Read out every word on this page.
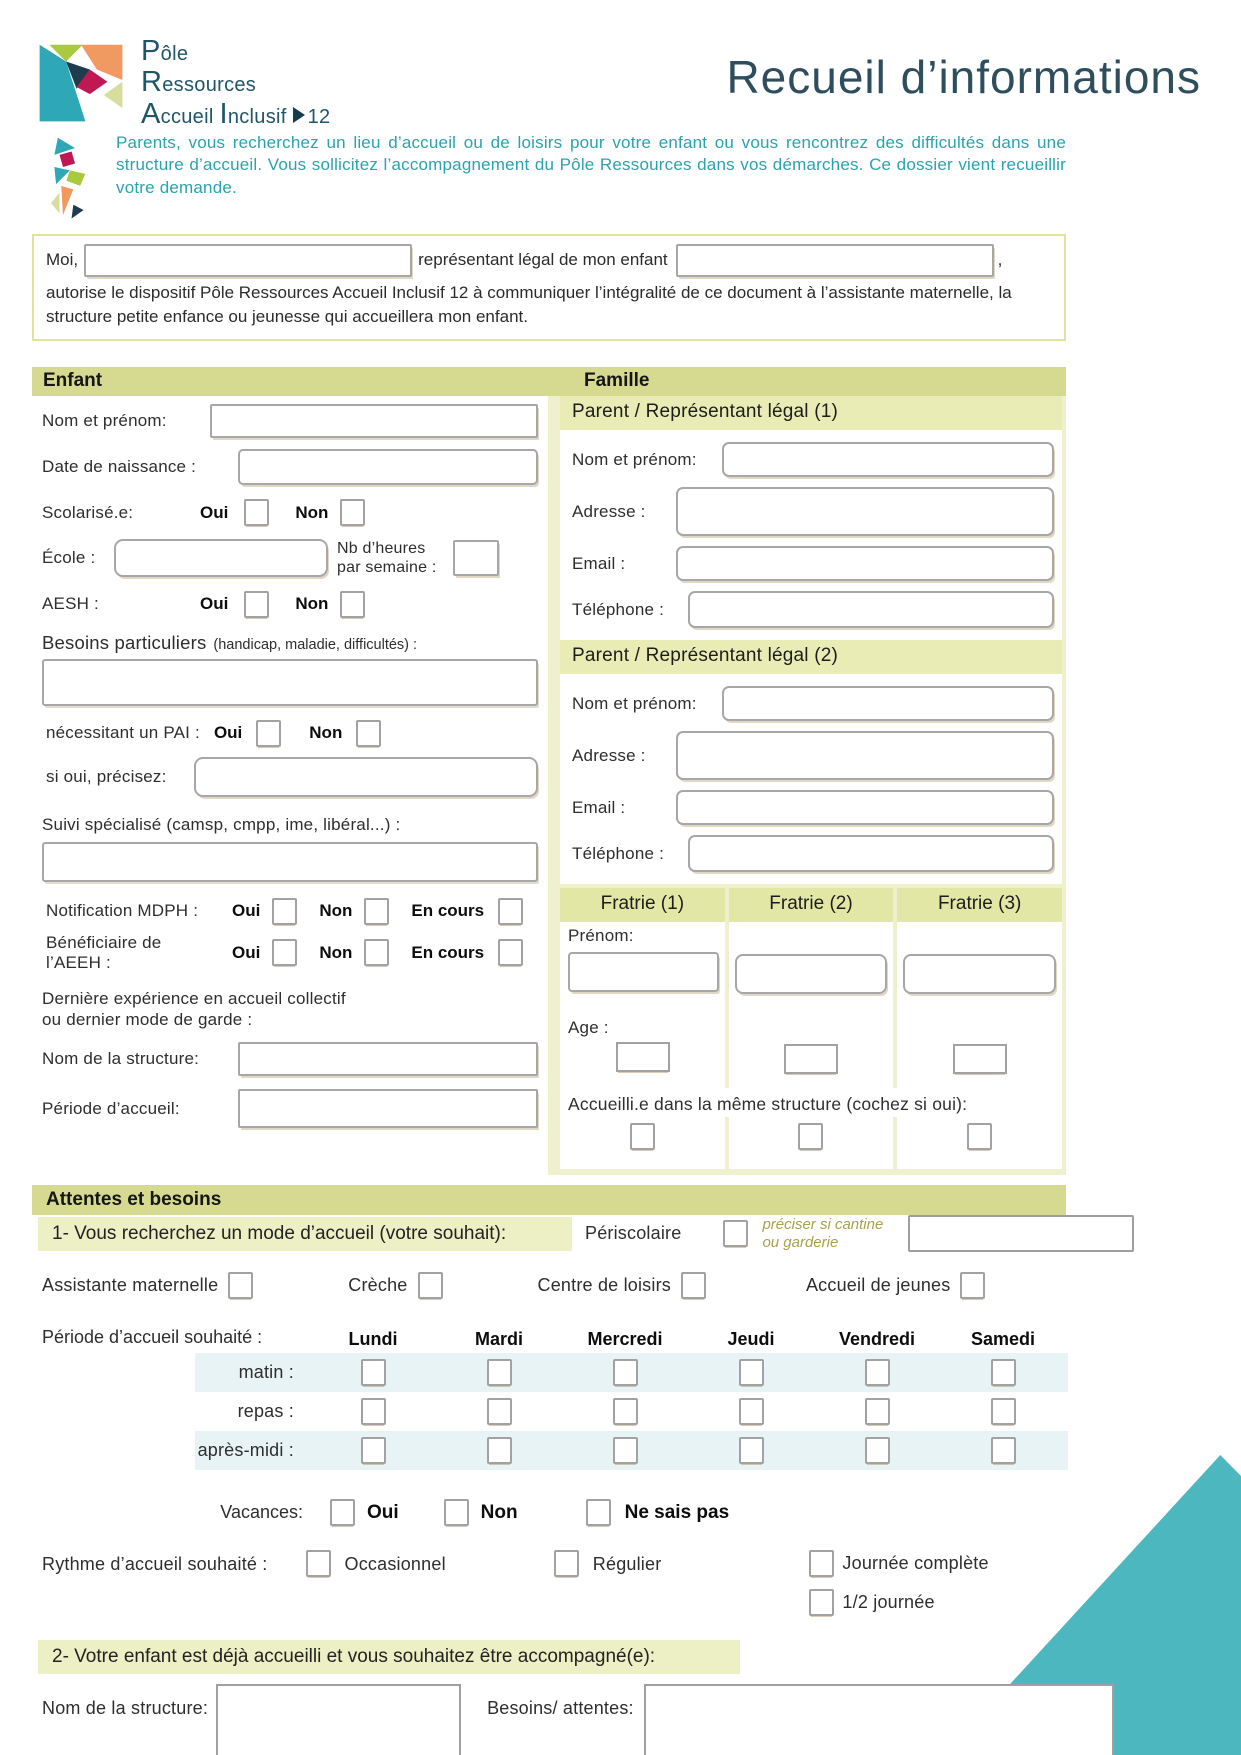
Pôle
Ressources
Accueil Inclusif 12
Recueil d’informations

Parents, vous recherchez un lieu d’accueil ou de loisirs pour votre enfant ou vous rencontrez des difficultés dans une structure d’accueil. Vous sollicitez l’accompagnement du Pôle Ressources dans vos démarches. Ce dossier vient recueillir votre demande.

Moi,	représentant légal de mon enfant	,

autorise le dispositif Pôle Ressources Accueil Inclusif 12 à communiquer l’intégralité de ce document à l’assistante maternelle, la structure petite enfance ou jeunesse qui accueillera mon enfant.

Enfant	Famille
Nom et prénom:
Date de naissance :
Scolarisé.e:	Oui	Non
École :	Nb d’heures
par semaine :
AESH :	Oui	Non
Besoins particuliers (handicap, maladie, difficultés) :
nécessitant un PAI : Oui	Non
si oui, précisez:
Suivi spécialisé (camsp, cmpp, ime, libéral...) :
Notification MDPH :	Oui	Non	En cours
Bénéficiaire de
l’AEEH :
Oui	Non	En cours
Dernière expérience en accueil collectif
ou dernier mode de garde :
Nom de la structure:
Période d’accueil:
Parent / Représentant légal (1)
Nom et prénom:
Adresse :
Email :
Téléphone :
Parent / Représentant légal (2)
Nom et prénom:
Adresse :
Email :
Téléphone :
Fratrie (1)	Fratrie (2)	Fratrie (3)
Prénom:
Age :
Accueilli.e dans la même structure (cochez si oui):
Attentes et besoins
1- Vous recherchez un mode d’accueil (votre souhait):	Périscolaire	préciser si cantine
ou garderie
Assistante maternelle	Crèche	Centre de loisirs	Accueil de jeunes
Période d’accueil souhaité :	Lundi	Mardi	Mercredi	Jeudi	Vendredi	Samedi
matin :
repas :
après-midi :
Vacances:	Oui	Non	Ne sais pas
Rythme d’accueil souhaité :	Occasionnel	Régulier	Journée complète
1/2 journée
2- Votre enfant est déjà accueilli et vous souhaitez être accompagné(e):
Nom de la structure:	Besoins/ attentes:
